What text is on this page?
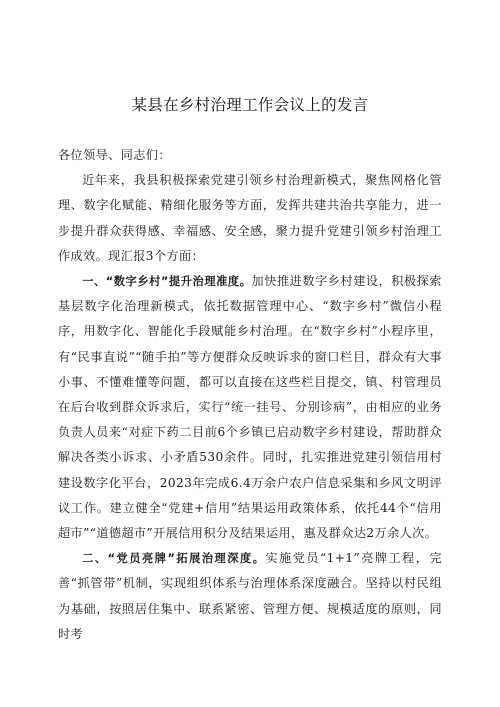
某县在乡村治理工作会议上的发言

各位领导、同志们：

近年来，我县积极探索党建引领乡村治理新模式，聚焦网格化管理、数字化赋能、精细化服务等方面，发挥共建共治共享能力，进一步提升群众获得感、幸福感、安全感，聚力提升党建引领乡村治理工作成效。现汇报3个方面：

一、“数字乡村”提升治理准度。加快推进数字乡村建设，积极探索基层数字化治理新模式，依托数据管理中心、“数字乡村”微信小程序，用数字化、智能化手段赋能乡村治理。在“数字乡村”小程序里，有“民事直说”“随手拍”等方便群众反映诉求的窗口栏目，群众有大事小事、不懂难懂等问题，都可以直接在这些栏目提交，镇、村管理员在后台收到群众诉求后，实行“统一挂号、分别诊病”，由相应的业务负责人员来“对症下药二目前6个乡镇已启动数字乡村建设，帮助群众解决各类小诉求、小矛盾530余件。同时，扎实推进党建引领信用村建设数字化平台，2023年完成6.4万余户农户信息采集和乡风文明评议工作。建立健全“党建+信用”结果运用政策体系，依托44个“信用超市”“道德超市”开展信用积分及结果运用，惠及群众达2万余人次。

二、“党员亮牌”拓展治理深度。实施党员“1+1”亮牌工程，完善“抓管带”机制，实现组织体系与治理体系深度融合。坚持以村民组为基础，按照居住集中、联系紧密、管理方便、规模适度的原则，同时考
